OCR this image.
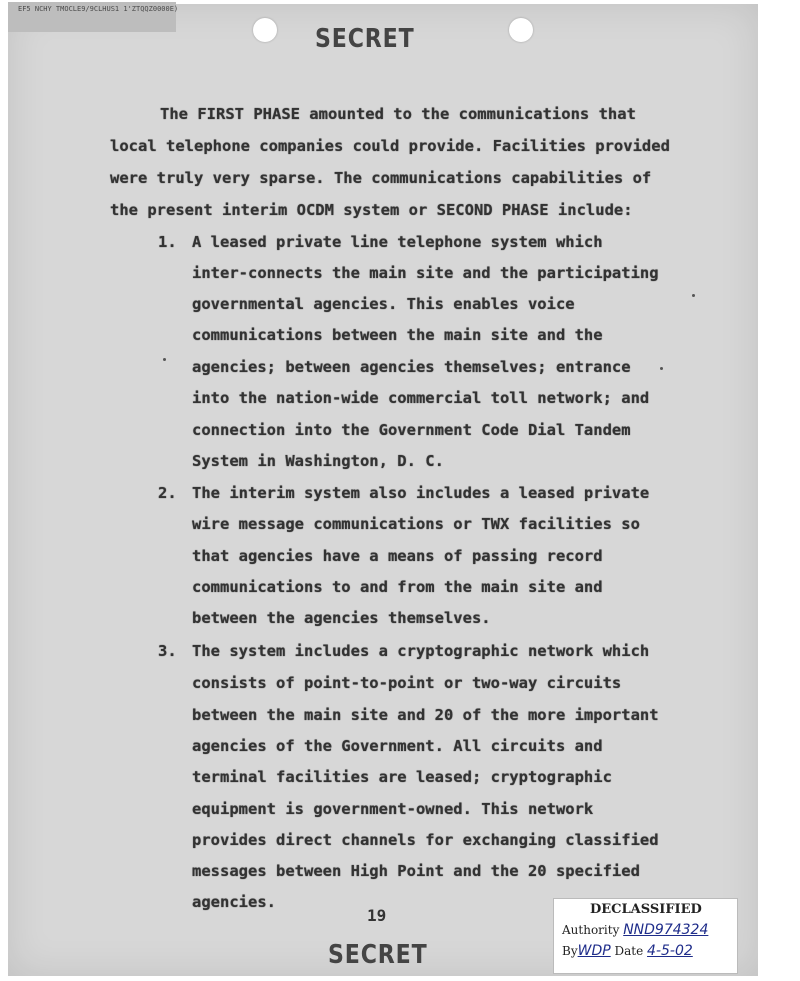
EF5 NCHY TMOCLE9/9CLHUS1 1'ZTQQZ0000E)
SECRET
The FIRST PHASE amounted to the communications that
local telephone companies could provide. Facilities provided
were truly very sparse. The communications capabilities of
the present interim OCDM system or SECOND PHASE include:
1. A leased private line telephone system which
inter-connects the main site and the participating
governmental agencies. This enables voice
communications between the main site and the
agencies; between agencies themselves; entrance
into the nation-wide commercial toll network; and
connection into the Government Code Dial Tandem
System in Washington, D. C.
2. The interim system also includes a leased private
wire message communications or TWX facilities so
that agencies have a means of passing record
communications to and from the main site and
between the agencies themselves.
3. The system includes a cryptographic network which
consists of point-to-point or two-way circuits
between the main site and 20 of the more important
agencies of the Government. All circuits and
terminal facilities are leased; cryptographic
equipment is government-owned. This network
provides direct channels for exchanging classified
messages between High Point and the 20 specified
agencies.
19
SECRET
DECLASSIFIED
Authority NND974324
ByWDP Date 4-5-02
